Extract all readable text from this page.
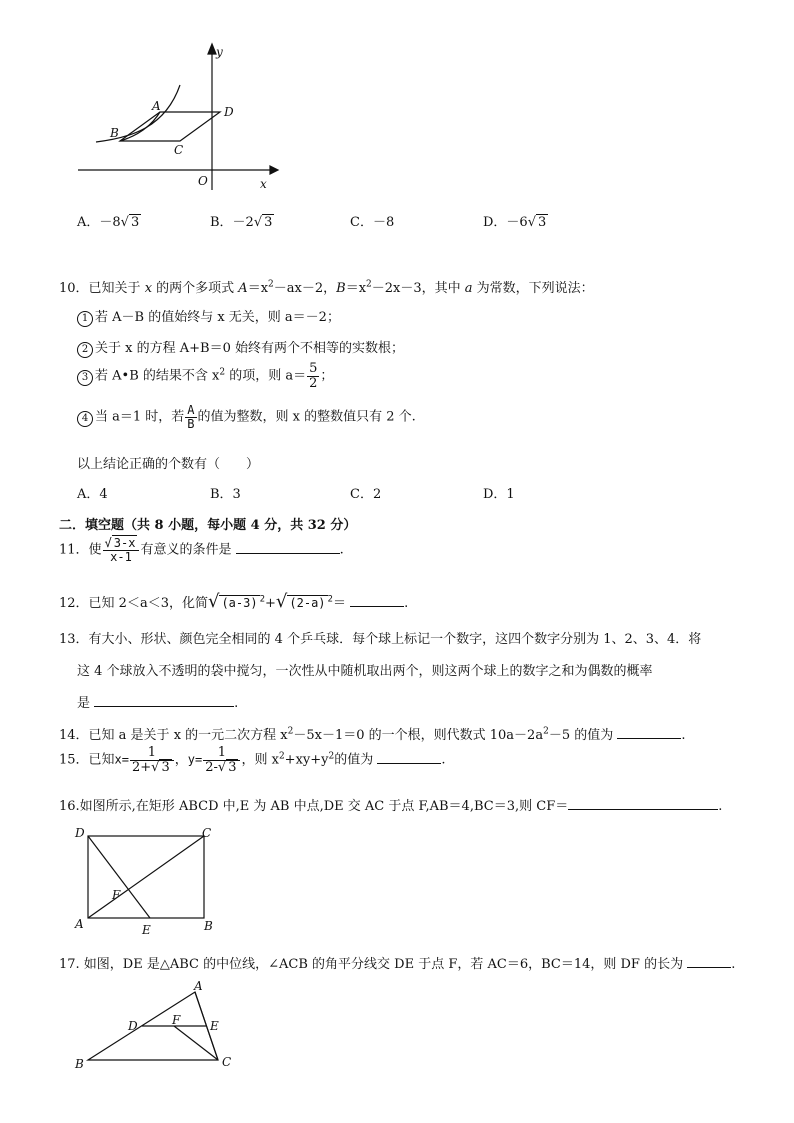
A
B
C
D
O	x
y
A．－8√ 3	B．－2√ 3	C．－8	D．－6√ 3
10．已知关于 x 的两个多项式 $A=x^2-ax-2$，$B=x^2-2x-3$，其中 a 为常数，下列说法：
1 若 A－B 的值始终与 x 无关，则 a＝－2；
2 关于 x 的方程 A+B＝0 始终有两个不相等的实数根；
3 若 A•B 的结果不含 $x^2$ 的项，则 $a= \frac{5}{2}$ ；
4 当 a＝1 时，若 $\frac{A}{B}$ 的值为整数，则 x 的整数值只有 2 个.
以上结论正确的个数有（　　）
A．4	B．3	C．2	D．1
二．填空题（共 8 小题，每小题 4 分，共 32 分）
11．使 $\frac{√ 3-x}{x-1}$ 有意义的条件是	.
12．已知 2＜a＜3，化简√ (a-3) $^2$+√ (2-a) $^2$＝	.
13．有大小、形状、颜色完全相同的 4 个乒乓球．每个球上标记一个数字，这四个数字分别为 1、2、3、4．将
这 4 个球放入不透明的袋中搅匀，一次性从中随机取出两个，则这两个球上的数字之和为偶数的概率
是	.
14．已知 a 是关于 x 的一元二次方程 $x^2-5x-1=0$ 的一个根，则代数式 $10a-2a^2-5$ 的值为	.
15．已知$x= \frac{1}{2+√ 3}$ ，$y= \frac{1}{2-√ 3}$ ，则 $x^2+xy+y^2$的值为	.
16.如图所示,在矩形 ABCD 中,E 为 AB 中点,DE 交 AC 于点 F,AB＝4,BC＝3,则 CF＝	.
A	B
C
D
E
F
17. 如图，DE 是△ABC 的中位线，∠ACB 的角平分线交 DE 于点 F，若 AC＝6，BC＝14，则 DF 的长为	.
A
B	C
D	E
F
